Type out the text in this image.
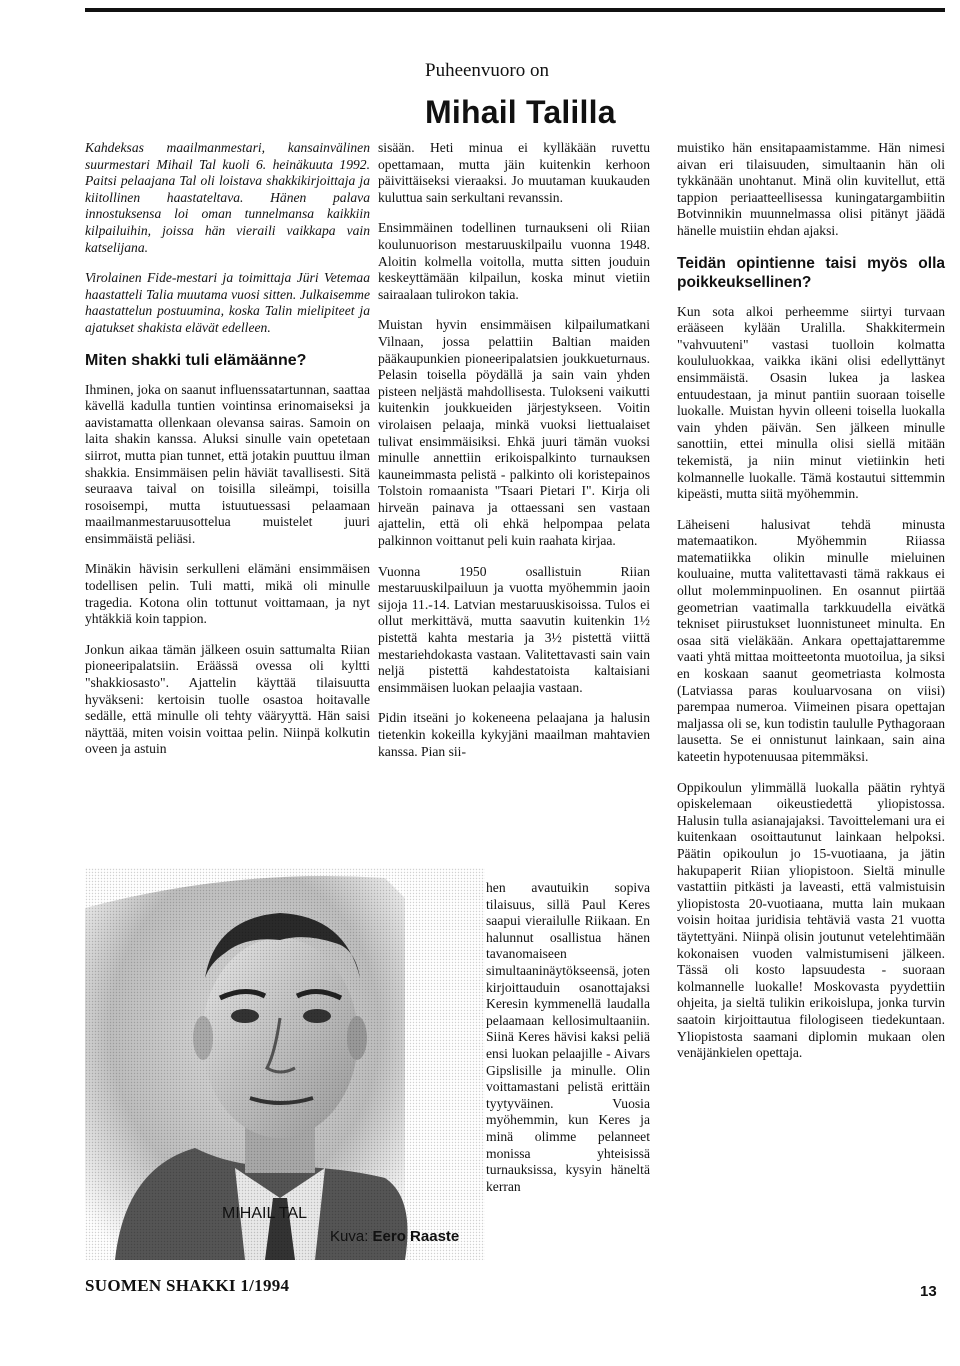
Puheenvuoro on
Mihail Talilla

Kahdeksas maailmanmestari, kansainvälinen suurmestari Mihail Tal kuoli 6. heinäkuuta 1992. Paitsi pelaajana Tal oli loistava shakkikirjoittaja ja kiitollinen haastateltava. Hänen palava innostuksensa loi oman tunnelmansa kaikkiin kilpailuihin, joissa hän vieraili vaikkapa vain katselijana.

Virolainen Fide-mestari ja toimittaja Jüri Vetemaa haastatteli Talia muutama vuosi sitten. Julkaisemme haastattelun postuumina, koska Talin mielipiteet ja ajatukset shakista elävät edelleen.

Miten shakki tuli elämäänne?

Ihminen, joka on saanut influenssatartunnan, saattaa kävellä kadulla tuntien vointinsa erinomaiseksi ja aavistamatta ollenkaan olevansa sairas. Samoin on laita shakin kanssa. Aluksi sinulle vain opetetaan siirrot, mutta pian tunnet, että jotakin puuttuu ilman shakkia. Ensimmäisen pelin häviät tavallisesti. Sitä seuraava taival on toisilla sileämpi, toisilla rosoisempi, mutta istuutuessasi pelaamaan maailmanmestaruusottelua muistelet juuri ensimmäistä peliäsi.

Minäkin hävisin serkulleni elämäni ensimmäisen todellisen pelin. Tuli matti, mikä oli minulle tragedia. Kotona olin tottunut voittamaan, ja nyt yhtäkkiä koin tappion.

Jonkun aikaa tämän jälkeen osuin sattumalta Riian pioneeripalatsiin. Eräässä ovessa oli kyltti "shakkiosasto". Ajattelin käyttää tilaisuutta hyväkseni: kertoisin tuolle osastoa hoitavalle sedälle, että minulle oli tehty vääryyttä. Hän saisi näyttää, miten voisin voittaa pelin. Niinpä kolkutin oveen ja astuin

sisään. Heti minua ei kylläkään ruvettu opettamaan, mutta jäin kuitenkin kerhoon päivittäiseksi vieraaksi. Jo muutaman kuukauden kuluttua sain serkultani revanssin.

Ensimmäinen todellinen turnaukseni oli Riian koulunuorison mestaruuskilpailu vuonna 1948. Aloitin kolmella voitolla, mutta sitten jouduin keskeyttämään kilpailun, koska minut vietiin sairaalaan tulirokon takia.

Muistan hyvin ensimmäisen kilpailumatkani Vilnaan, jossa pelattiin Baltian maiden pääkaupunkien pioneeripalatsien joukkueturnaus. Pelasin toisella pöydällä ja sain vain yhden pisteen neljästä mahdollisesta. Tulokseni vaikutti kuitenkin joukkueiden järjestykseen. Voitin virolaisen pelaaja, minkä vuoksi liettualaiset tulivat ensimmäisiksi. Ehkä juuri tämän vuoksi minulle annettiin erikoispalkinto turnauksen kauneimmasta pelistä - palkinto oli koristepainos Tolstoin romaanista "Tsaari Pietari I". Kirja oli hirveän painava ja ottaessani sen vastaan ajattelin, että oli ehkä helpompaa pelata palkinnon voittanut peli kuin raahata kirjaa.

Vuonna 1950 osallistuin Riian mestaruuskilpailuun ja vuotta myöhemmin jaoin sijoja 11.-14. Latvian mestaruuskisoissa. Tulos ei ollut merkittävä, mutta saavutin kuitenkin 1½ pistettä kahta mestaria ja 3½ pistettä viittä mestariehdokasta vastaan. Valitettavasti sain vain neljä pistettä kahdestatoista kaltaisiani ensimmäisen luokan pelaajia vastaan.

Pidin itseäni jo kokeneena pelaajana ja halusin tietenkin kokeilla kykyjäni maailman mahtavien kanssa. Pian sii-

MIHAIL TAL
Kuva: Eero Raaste
hen avautuikin sopiva tilaisuus, sillä Paul Keres saapui vierailulle Riikaan. En halunnut osallistua hänen tavanomaiseen simultaaninäytökseensä, joten kirjoittauduin osanottajaksi Keresin kymmenellä laudalla pelaamaan kellosimultaaniin. Siinä Keres hävisi kaksi peliä ensi luokan pelaajille - Aivars Gipslisille ja minulle. Olin voittamastani pelistä erittäin tyytyväinen. Vuosia myöhemmin, kun Keres ja minä olimme pelanneet monissa yhteisissä turnauksissa, kysyin häneltä kerran

muistiko hän ensitapaamistamme. Hän nimesi aivan eri tilaisuuden, simultaanin hän oli tykkänään unohtanut. Minä olin kuvitellut, että tappion periaatteellisessa kuningatargambiitin Botvinnikin muunnelmassa olisi pitänyt jäädä hänelle muistiin ehdan ajaksi.

Teidän opintienne taisi myös olla poikkeuksellinen?

Kun sota alkoi perheemme siirtyi turvaan erääseen kylään Uralilla. Shakkitermein "vahvuuteni" vastasi tuolloin kolmatta koululuokkaa, vaikka ikäni olisi edellyttänyt ensimmäistä. Osasin lukea ja laskea entuudestaan, ja minut pantiin suoraan toiselle luokalle. Muistan hyvin olleeni toisella luokalla vain yhden päivän. Sen jälkeen minulle sanottiin, ettei minulla olisi siellä mitään tekemistä, ja niin minut vietiinkin heti kolmannelle luokalle. Tämä kostautui sittemmin kipeästi, mutta siitä myöhemmin.

Läheiseni halusivat tehdä minusta matemaatikon. Myöhemmin Riiassa matematiikka olikin minulle mieluinen kouluaine, mutta valitettavasti tämä rakkaus ei ollut molemminpuolinen. En osannut piirtää geometrian vaatimalla tarkkuudella eivätkä tekniset piirustukset luonnistuneet minulta. En osaa sitä vieläkään. Ankara opettajattaremme vaati yhtä mittaa moitteetonta muotoilua, ja siksi en koskaan saanut geometriasta kolmosta (Latviassa paras kouluarvosana on viisi) parempaa numeroa. Viimeinen pisara opettajan maljassa oli se, kun todistin taululle Pythagoraan lausetta. Se ei onnistunut lainkaan, sain aina kateetin hypotenuusaa pitemmäksi.

Oppikoulun ylimmällä luokalla päätin ryhtyä opiskelemaan oikeustiedettä yliopistossa. Halusin tulla asianajajaksi. Tavoittelemani ura ei kuitenkaan osoittautunut lainkaan helpoksi. Päätin opikoulun jo 15-vuotiaana, ja jätin hakupaperit Riian yliopistoon. Sieltä minulle vastattiin pitkästi ja laveasti, että valmistuisin yliopistosta 20-vuotiaana, mutta lain mukaan voisin hoitaa juridisia tehtäviä vasta 21 vuotta täytettyäni. Niinpä olisin joutunut vetelehtimään kokonaisen vuoden valmistumiseni jälkeen. Tässä oli kosto lapsuudesta - suoraan kolmannelle luokalle! Moskovasta pyydettiin ohjeita, ja sieltä tulikin erikoislupa, jonka turvin saatoin kirjoittautua filologiseen tiedekuntaan. Yliopistosta saamani diplomin mukaan olen venäjänkielen opettaja.

SUOMEN SHAKKI 1/1994	13
